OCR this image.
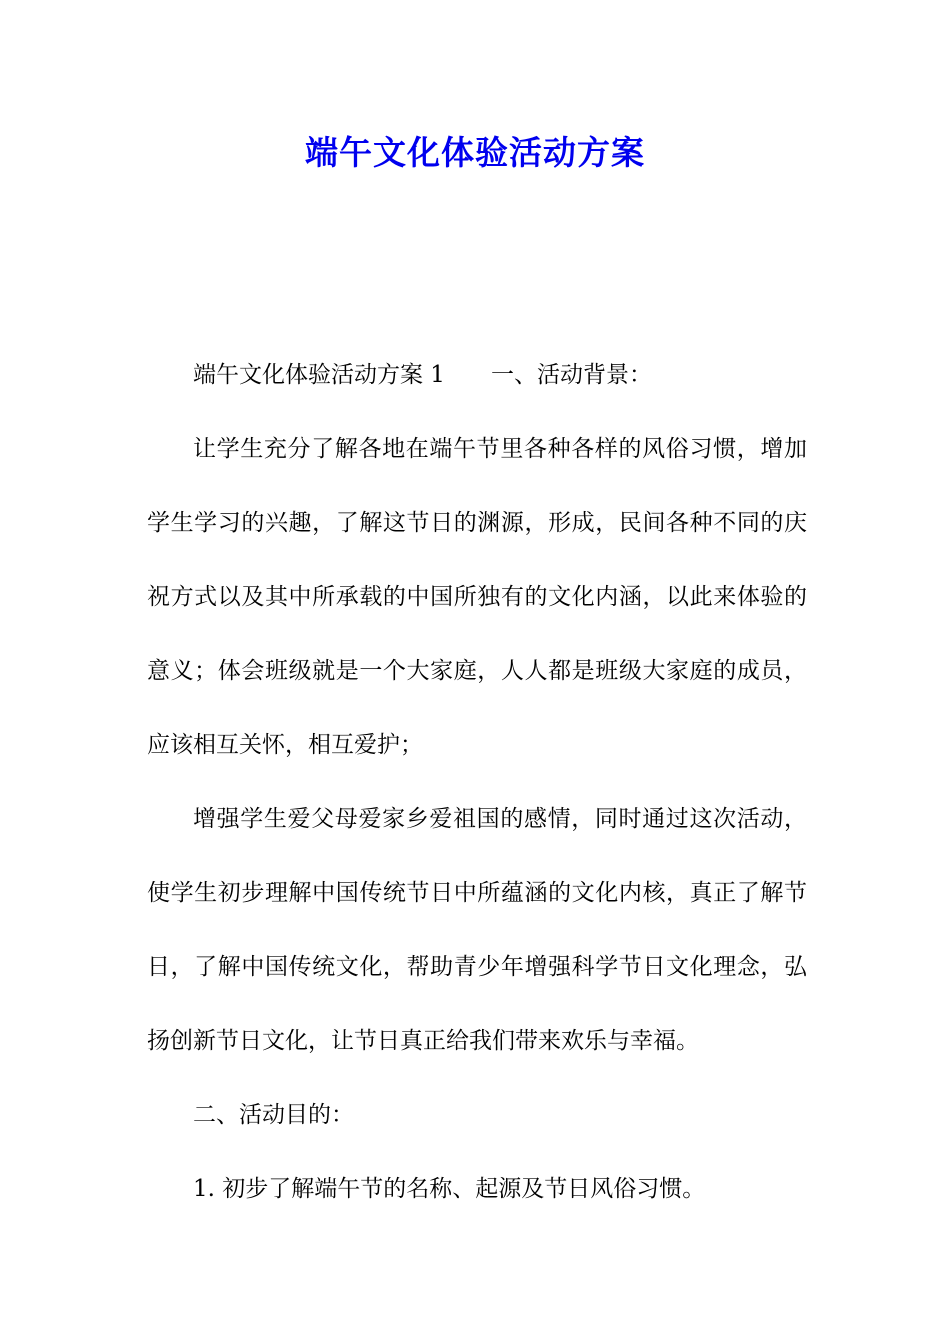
端午文化体验活动方案

端午文化体验活动方案 1 一、活动背景：

让学生充分了解各地在端午节里各种各样的风俗习惯，增加学生学习的兴趣，了解这节日的渊源，形成，民间各种不同的庆祝方式以及其中所承载的中国所独有的文化内涵，以此来体验的意义；体会班级就是一个大家庭，人人都是班级大家庭的成员，应该相互关怀，相互爱护；

增强学生爱父母爱家乡爱祖国的感情，同时通过这次活动，使学生初步理解中国传统节日中所蕴涵的文化内核，真正了解节日，了解中国传统文化，帮助青少年增强科学节日文化理念，弘扬创新节日文化，让节日真正给我们带来欢乐与幸福。

二、活动目的：

1. 初步了解端午节的名称、起源及节日风俗习惯。
